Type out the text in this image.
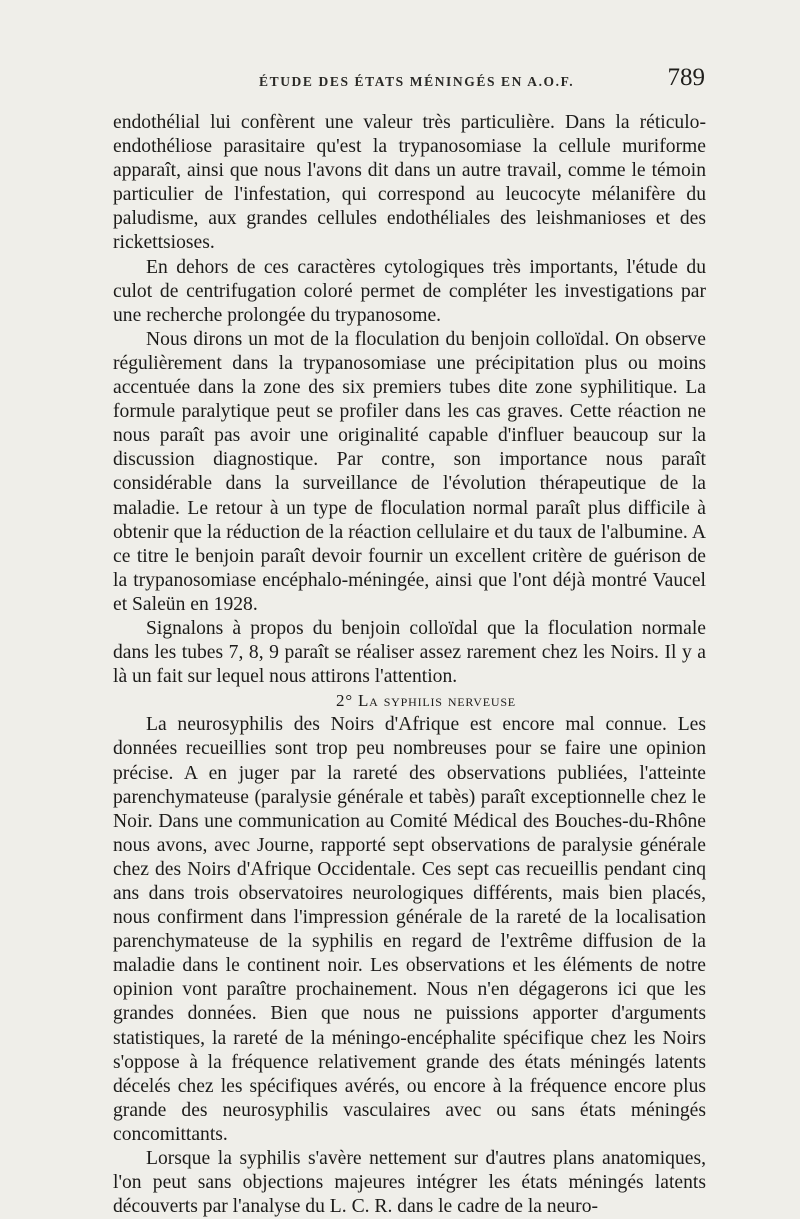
ÉTUDE DES ÉTATS MÉNINGÉS EN A.O.F.	789

endothélial lui confèrent une valeur très particulière. Dans la réticulo-endothéliose parasitaire qu'est la trypanosomiase la cellule muriforme apparaît, ainsi que nous l'avons dit dans un autre travail, comme le témoin particulier de l'infestation, qui correspond au leucocyte mélanifère du paludisme, aux grandes cellules endothéliales des leishmanioses et des rickettsioses.

En dehors de ces caractères cytologiques très importants, l'étude du culot de centrifugation coloré permet de compléter les investigations par une recherche prolongée du trypanosome.

Nous dirons un mot de la floculation du benjoin colloïdal. On observe régulièrement dans la trypanosomiase une précipitation plus ou moins accentuée dans la zone des six premiers tubes dite zone syphilitique. La formule paralytique peut se profiler dans les cas graves. Cette réaction ne nous paraît pas avoir une originalité capable d'influer beaucoup sur la discussion diagnostique. Par contre, son importance nous paraît considérable dans la surveillance de l'évolution thérapeutique de la maladie. Le retour à un type de floculation normal paraît plus difficile à obtenir que la réduction de la réaction cellulaire et du taux de l'albumine. A ce titre le benjoin paraît devoir fournir un excellent critère de guérison de la trypanosomiase encéphalo-méningée, ainsi que l'ont déjà montré Vaucel et Saleün en 1928.

Signalons à propos du benjoin colloïdal que la floculation normale dans les tubes 7, 8, 9 paraît se réaliser assez rarement chez les Noirs. Il y a là un fait sur lequel nous attirons l'attention.

2° La syphilis nerveuse

La neurosyphilis des Noirs d'Afrique est encore mal connue. Les données recueillies sont trop peu nombreuses pour se faire une opinion précise. A en juger par la rareté des observations publiées, l'atteinte parenchymateuse (paralysie générale et tabès) paraît exceptionnelle chez le Noir. Dans une communication au Comité Médical des Bouches-du-Rhône nous avons, avec Journe, rapporté sept observations de paralysie générale chez des Noirs d'Afrique Occidentale. Ces sept cas recueillis pendant cinq ans dans trois observatoires neurologiques différents, mais bien placés, nous confirment dans l'impression générale de la rareté de la localisation parenchymateuse de la syphilis en regard de l'extrême diffusion de la maladie dans le continent noir. Les observations et les éléments de notre opinion vont paraître prochainement. Nous n'en dégagerons ici que les grandes données. Bien que nous ne puissions apporter d'arguments statistiques, la rareté de la méningo-encéphalite spécifique chez les Noirs s'oppose à la fréquence relativement grande des états méningés latents décelés chez les spécifiques avérés, ou encore à la fréquence encore plus grande des neurosyphilis vasculaires avec ou sans états méningés concomittants.

Lorsque la syphilis s'avère nettement sur d'autres plans anatomiques, l'on peut sans objections majeures intégrer les états méningés latents découverts par l'analyse du L. C. R. dans le cadre de la neuro-
